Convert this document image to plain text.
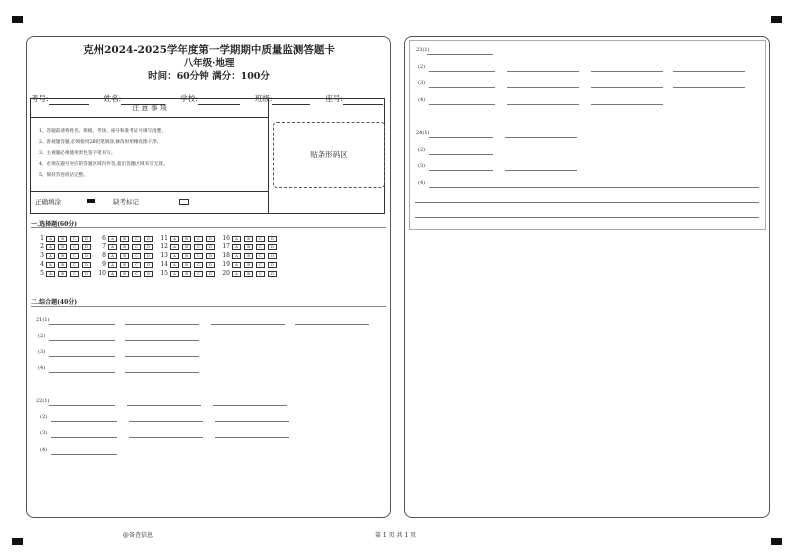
克州2024-2025学年度第一学期期中质量监测答题卡
八年级·地理
时间：60分钟 满分：100分
考号:	姓名:	学校:	班级:	座号:
注 意 事 项
1、答题前请将姓名、班级、考场、座号和准考证号填写清楚。
2、客观题答题,必须使用2B铅笔填涂,修改时用橡皮擦干净。
3、主观题必须使用黑色签字笔书写。
4、必须在题号对应的答题区域内作答,超出答题区域书写无效。
5、保持答卷清洁完整。
正确填涂	缺考标记
贴条形码区
一.选择题(60分)
1 A	B	C	D
2 A	B	C	D
3 A	B	C	D
4 A	B	C	D
5 A	B	C	D
6 A	B	C	D
7 A	B	C	D
8 A	B	C	D
9 A	B	C	D
10 A	B	C	D
11 A	B	C	D
12 A	B	C	D
13 A	B	C	D
14 A	B	C	D
15 A	B	C	D
16 A	B	C	D
17 A	B	C	D
18 A	B	C	D
19 A	B	C	D
20 A	B	C	D
二.综合题(40分)
21(1)
(2)
(3)
(4)
22(1)
(2)
(3)
(4)
23(1)
(2)
(3)
(4)
24(1)
(2)
(3)
(4)
@备查信息	第 1 页 共 1 页
